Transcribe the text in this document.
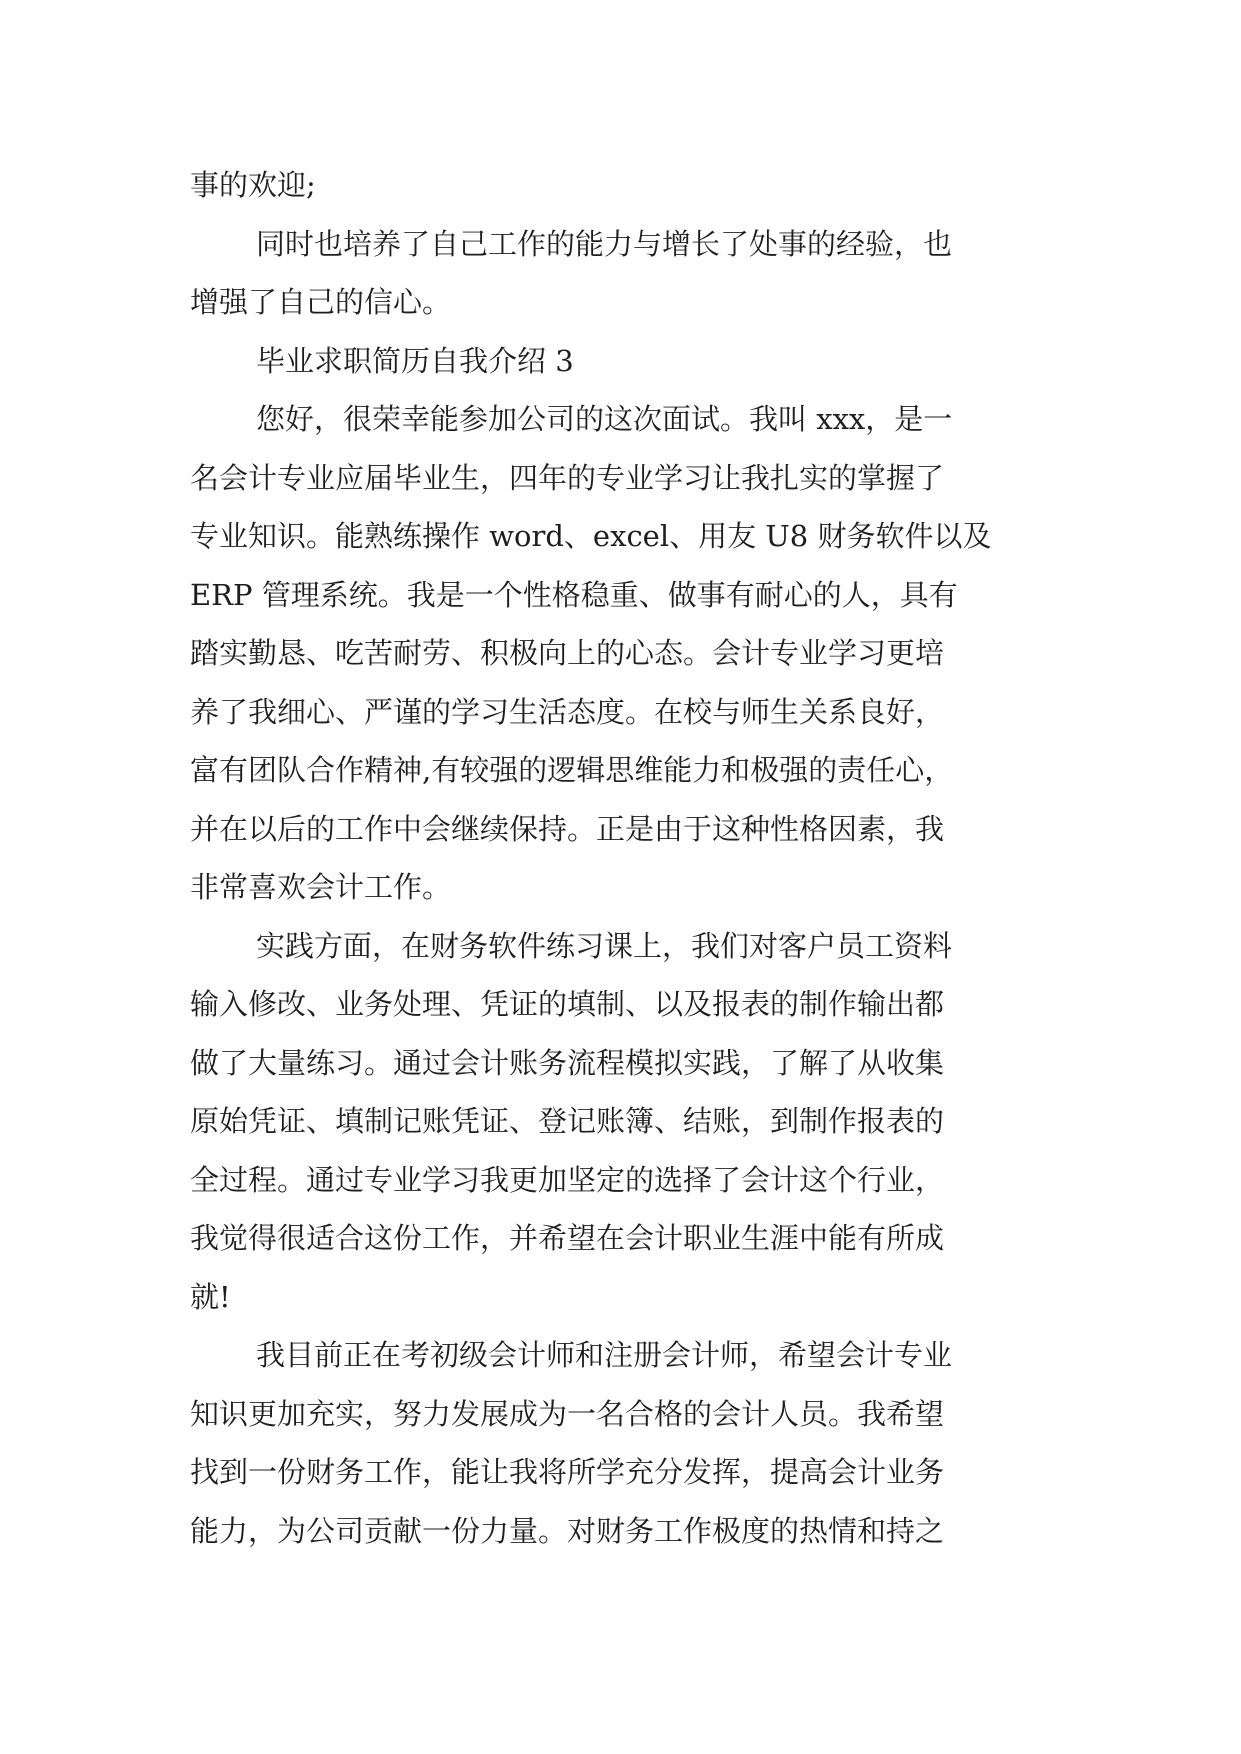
事的欢迎;
同时也培养了自己工作的能力与增长了处事的经验，也
增强了自己的信心。
毕业求职简历自我介绍 3
您好，很荣幸能参加公司的这次面试。我叫 xxx，是一
名会计专业应届毕业生，四年的专业学习让我扎实的掌握了
专业知识。能熟练操作 word、excel、用友 U8 财务软件以及
ERP 管理系统。我是一个性格稳重、做事有耐心的人，具有
踏实勤恳、吃苦耐劳、积极向上的心态。会计专业学习更培
养了我细心、严谨的学习生活态度。在校与师生关系良好，
富有团队合作精神,有较强的逻辑思维能力和极强的责任心，
并在以后的工作中会继续保持。正是由于这种性格因素，我
非常喜欢会计工作。
实践方面，在财务软件练习课上，我们对客户员工资料
输入修改、业务处理、凭证的填制、以及报表的制作输出都
做了大量练习。通过会计账务流程模拟实践，了解了从收集
原始凭证、填制记账凭证、登记账簿、结账，到制作报表的
全过程。通过专业学习我更加坚定的选择了会计这个行业，
我觉得很适合这份工作，并希望在会计职业生涯中能有所成
就!
我目前正在考初级会计师和注册会计师，希望会计专业
知识更加充实，努力发展成为一名合格的会计人员。我希望
找到一份财务工作，能让我将所学充分发挥，提高会计业务
能力，为公司贡献一份力量。对财务工作极度的热情和持之
